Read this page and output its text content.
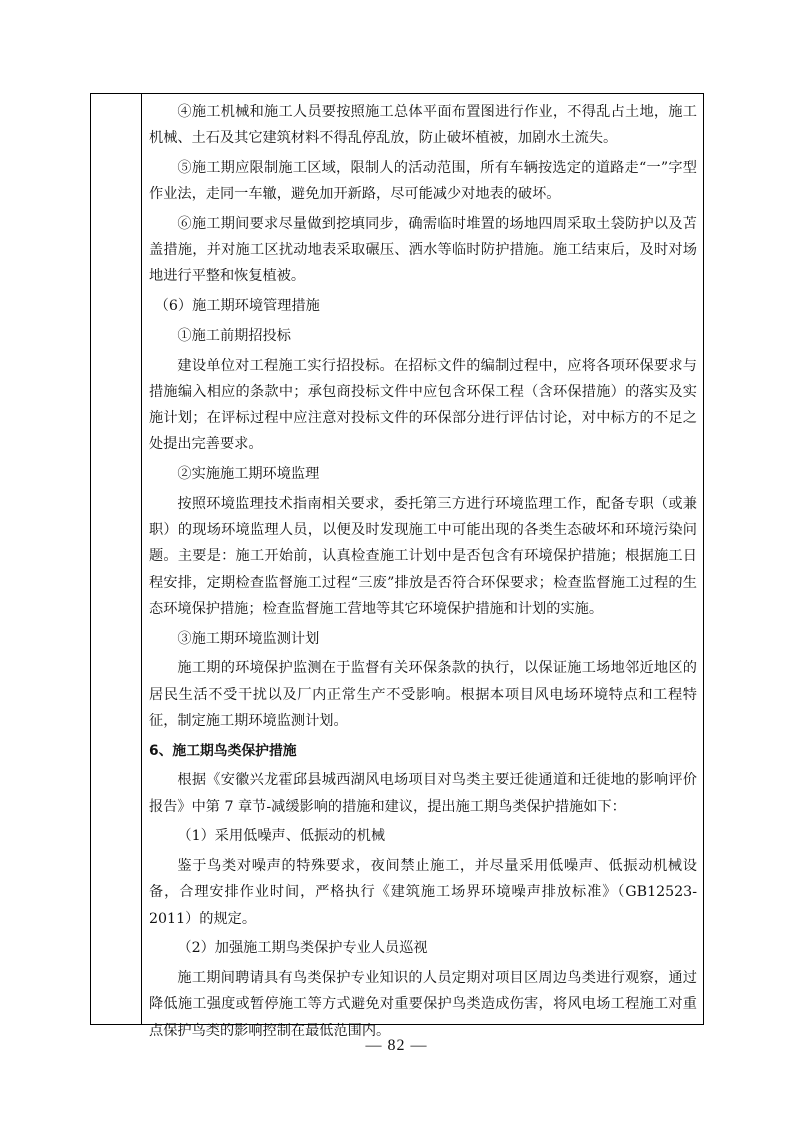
④施工机械和施工人员要按照施工总体平面布置图进行作业，不得乱占土地，施工机械、土石及其它建筑材料不得乱停乱放，防止破坏植被，加剧水土流失。

⑤施工期应限制施工区域，限制人的活动范围，所有车辆按选定的道路走“一”字型作业法，走同一车辙，避免加开新路，尽可能减少对地表的破坏。

⑥施工期间要求尽量做到挖填同步，确需临时堆置的场地四周采取土袋防护以及苫盖措施，并对施工区扰动地表采取碾压、洒水等临时防护措施。施工结束后，及时对场地进行平整和恢复植被。

（6）施工期环境管理措施

①施工前期招投标

建设单位对工程施工实行招投标。在招标文件的编制过程中，应将各项环保要求与措施编入相应的条款中；承包商投标文件中应包含环保工程（含环保措施）的落实及实施计划；在评标过程中应注意对投标文件的环保部分进行评估讨论，对中标方的不足之处提出完善要求。

②实施施工期环境监理

按照环境监理技术指南相关要求，委托第三方进行环境监理工作，配备专职（或兼职）的现场环境监理人员，以便及时发现施工中可能出现的各类生态破坏和环境污染问题。主要是：施工开始前，认真检查施工计划中是否包含有环境保护措施；根据施工日程安排，定期检查监督施工过程“三废”排放是否符合环保要求；检查监督施工过程的生态环境保护措施；检查监督施工营地等其它环境保护措施和计划的实施。

③施工期环境监测计划

施工期的环境保护监测在于监督有关环保条款的执行，以保证施工场地邻近地区的居民生活不受干扰以及厂内正常生产不受影响。根据本项目风电场环境特点和工程特征，制定施工期环境监测计划。

6、施工期鸟类保护措施

根据《安徽兴龙霍邱县城西湖风电场项目对鸟类主要迁徙通道和迁徙地的影响评价报告》中第 7 章节-减缓影响的措施和建议，提出施工期鸟类保护措施如下：

（1）采用低噪声、低振动的机械

鉴于鸟类对噪声的特殊要求，夜间禁止施工，并尽量采用低噪声、低振动机械设备，合理安排作业时间，严格执行《建筑施工场界环境噪声排放标准》（GB12523-2011）的规定。

（2）加强施工期鸟类保护专业人员巡视

施工期间聘请具有鸟类保护专业知识的人员定期对项目区周边鸟类进行观察，通过降低施工强度或暂停施工等方式避免对重要保护鸟类造成伤害，将风电场工程施工对重点保护鸟类的影响控制在最低范围内。

— 82 —
